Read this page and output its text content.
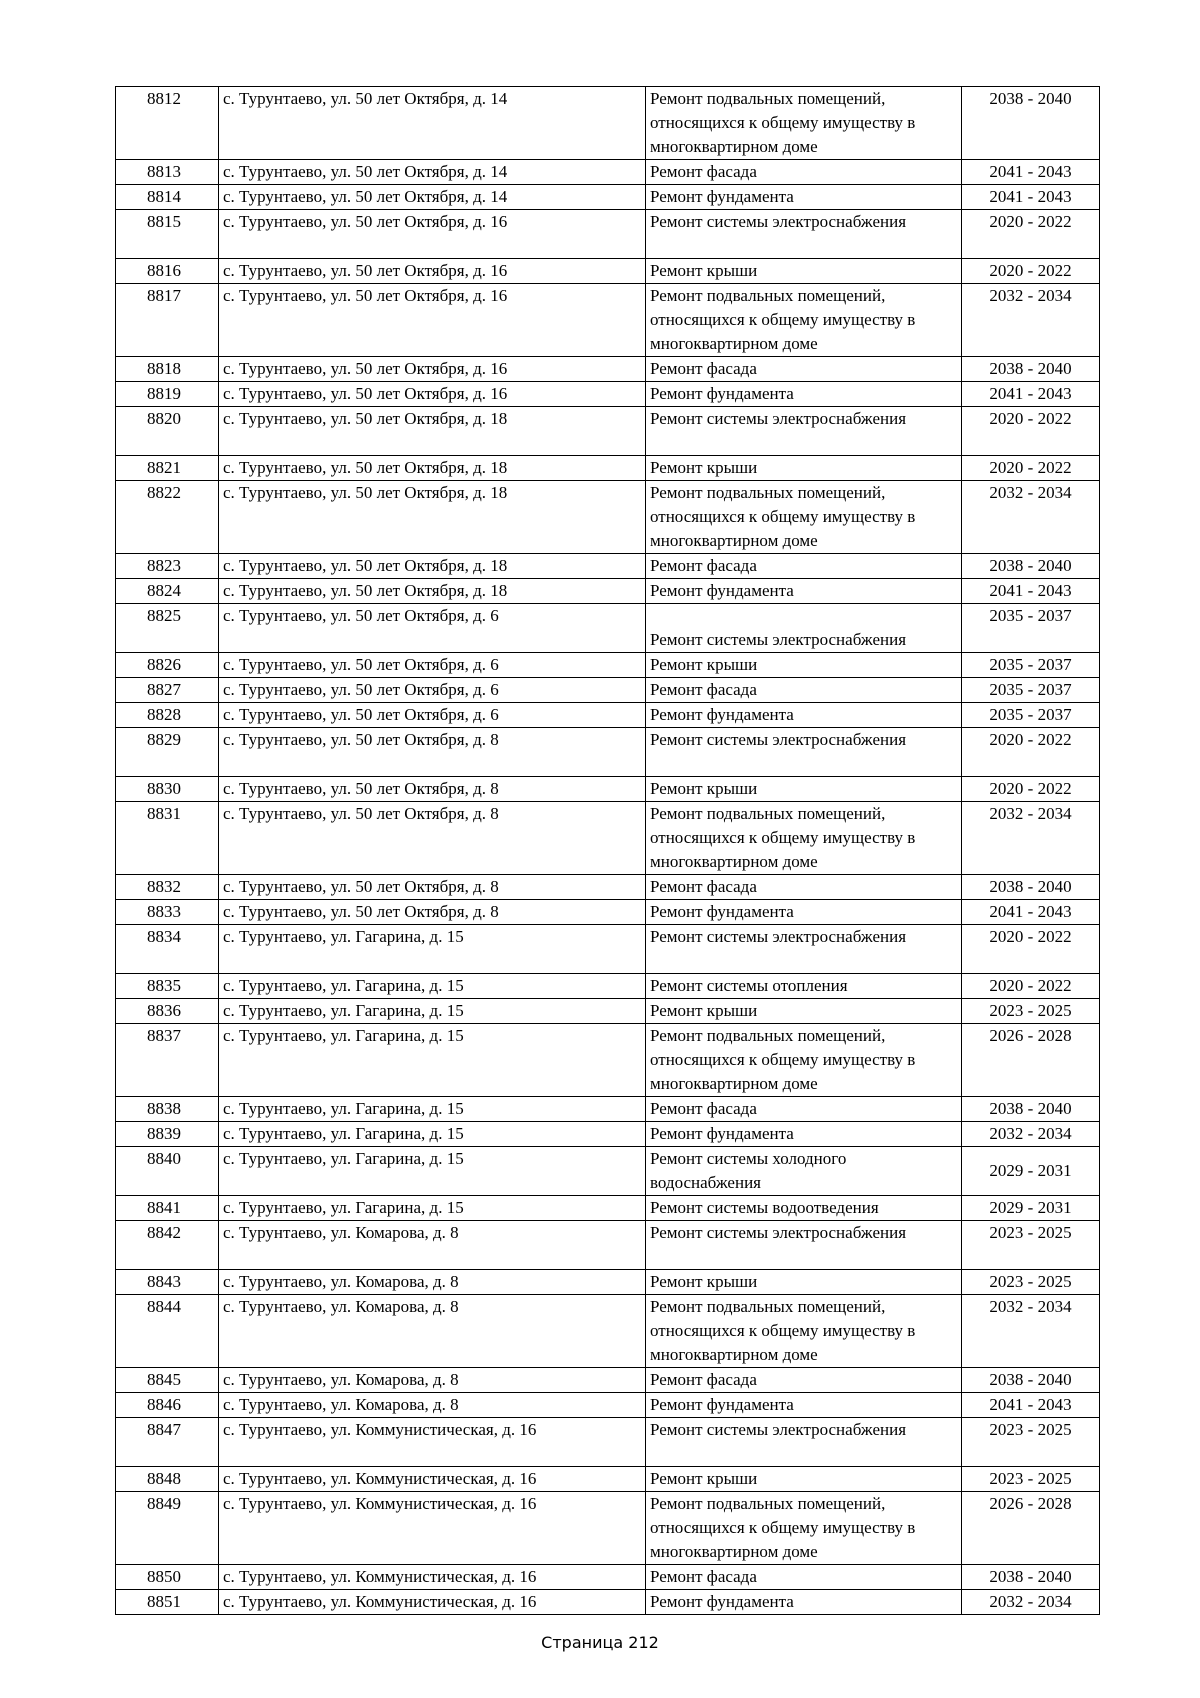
8812	с. Турунтаево, ул. 50 лет Октября, д. 14	Ремонт подвальных помещений, относящихся к общему имуществу в многоквартирном доме	2038 - 2040
8813	с. Турунтаево, ул. 50 лет Октября, д. 14	Ремонт фасада	2041 - 2043
8814	с. Турунтаево, ул. 50 лет Октября, д. 14	Ремонт фундамента	2041 - 2043
8815	с. Турунтаево, ул. 50 лет Октября, д. 16	Ремонт системы электроснабжения	2020 - 2022
8816	с. Турунтаево, ул. 50 лет Октября, д. 16	Ремонт крыши	2020 - 2022
8817	с. Турунтаево, ул. 50 лет Октября, д. 16	Ремонт подвальных помещений, относящихся к общему имуществу в многоквартирном доме	2032 - 2034
8818	с. Турунтаево, ул. 50 лет Октября, д. 16	Ремонт фасада	2038 - 2040
8819	с. Турунтаево, ул. 50 лет Октября, д. 16	Ремонт фундамента	2041 - 2043
8820	с. Турунтаево, ул. 50 лет Октября, д. 18	Ремонт системы электроснабжения	2020 - 2022
8821	с. Турунтаево, ул. 50 лет Октября, д. 18	Ремонт крыши	2020 - 2022
8822	с. Турунтаево, ул. 50 лет Октября, д. 18	Ремонт подвальных помещений, относящихся к общему имуществу в многоквартирном доме	2032 - 2034
8823	с. Турунтаево, ул. 50 лет Октября, д. 18	Ремонт фасада	2038 - 2040
8824	с. Турунтаево, ул. 50 лет Октября, д. 18	Ремонт фундамента	2041 - 2043
8825	с. Турунтаево, ул. 50 лет Октября, д. 6	Ремонт системы электроснабжения	2035 - 2037
8826	с. Турунтаево, ул. 50 лет Октября, д. 6	Ремонт крыши	2035 - 2037
8827	с. Турунтаево, ул. 50 лет Октября, д. 6	Ремонт фасада	2035 - 2037
8828	с. Турунтаево, ул. 50 лет Октября, д. 6	Ремонт фундамента	2035 - 2037
8829	с. Турунтаево, ул. 50 лет Октября, д. 8	Ремонт системы электроснабжения	2020 - 2022
8830	с. Турунтаево, ул. 50 лет Октября, д. 8	Ремонт крыши	2020 - 2022
8831	с. Турунтаево, ул. 50 лет Октября, д. 8	Ремонт подвальных помещений, относящихся к общему имуществу в многоквартирном доме	2032 - 2034
8832	с. Турунтаево, ул. 50 лет Октября, д. 8	Ремонт фасада	2038 - 2040
8833	с. Турунтаево, ул. 50 лет Октября, д. 8	Ремонт фундамента	2041 - 2043
8834	с. Турунтаево, ул. Гагарина, д. 15	Ремонт системы электроснабжения	2020 - 2022
8835	с. Турунтаево, ул. Гагарина, д. 15	Ремонт системы отопления	2020 - 2022
8836	с. Турунтаево, ул. Гагарина, д. 15	Ремонт крыши	2023 - 2025
8837	с. Турунтаево, ул. Гагарина, д. 15	Ремонт подвальных помещений, относящихся к общему имуществу в многоквартирном доме	2026 - 2028
8838	с. Турунтаево, ул. Гагарина, д. 15	Ремонт фасада	2038 - 2040
8839	с. Турунтаево, ул. Гагарина, д. 15	Ремонт фундамента	2032 - 2034
8840	с. Турунтаево, ул. Гагарина, д. 15	Ремонт системы холодного водоснабжения	2029 - 2031
8841	с. Турунтаево, ул. Гагарина, д. 15	Ремонт системы водоотведения	2029 - 2031
8842	с. Турунтаево, ул. Комарова, д. 8	Ремонт системы электроснабжения	2023 - 2025
8843	с. Турунтаево, ул. Комарова, д. 8	Ремонт крыши	2023 - 2025
8844	с. Турунтаево, ул. Комарова, д. 8	Ремонт подвальных помещений, относящихся к общему имуществу в многоквартирном доме	2032 - 2034
8845	с. Турунтаево, ул. Комарова, д. 8	Ремонт фасада	2038 - 2040
8846	с. Турунтаево, ул. Комарова, д. 8	Ремонт фундамента	2041 - 2043
8847	с. Турунтаево, ул. Коммунистическая, д. 16	Ремонт системы электроснабжения	2023 - 2025
8848	с. Турунтаево, ул. Коммунистическая, д. 16	Ремонт крыши	2023 - 2025
8849	с. Турунтаево, ул. Коммунистическая, д. 16	Ремонт подвальных помещений, относящихся к общему имуществу в многоквартирном доме	2026 - 2028
8850	с. Турунтаево, ул. Коммунистическая, д. 16	Ремонт фасада	2038 - 2040
8851	с. Турунтаево, ул. Коммунистическая, д. 16	Ремонт фундамента	2032 - 2034
Страница 212
